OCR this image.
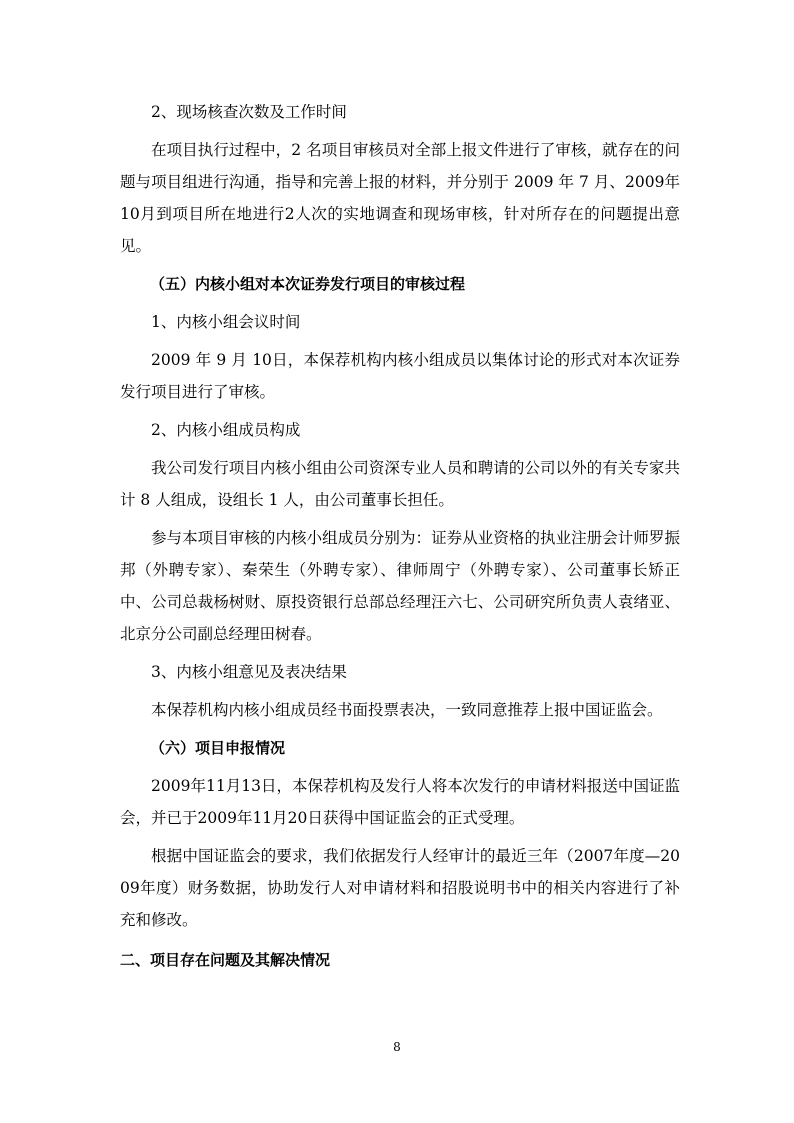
2、现场核查次数及工作时间

在项目执行过程中，2 名项目审核员对全部上报文件进行了审核，就存在的问题与项目组进行沟通，指导和完善上报的材料，并分别于 2009 年 7 月、2009年10月到项目所在地进行2人次的实地调查和现场审核，针对所存在的问题提出意见。

（五）内核小组对本次证券发行项目的审核过程

1、内核小组会议时间

2009 年 9 月 10日，本保荐机构内核小组成员以集体讨论的形式对本次证券发行项目进行了审核。

2、内核小组成员构成

我公司发行项目内核小组由公司资深专业人员和聘请的公司以外的有关专家共计 8 人组成，设组长 1 人，由公司董事长担任。

参与本项目审核的内核小组成员分别为：证券从业资格的执业注册会计师罗振邦（外聘专家）、秦荣生（外聘专家）、律师周宁（外聘专家）、公司董事长矫正中、公司总裁杨树财、原投资银行总部总经理汪六七、公司研究所负责人袁绪亚、北京分公司副总经理田树春。

3、内核小组意见及表决结果

本保荐机构内核小组成员经书面投票表决，一致同意推荐上报中国证监会。

（六）项目申报情况

2009年11月13日，本保荐机构及发行人将本次发行的申请材料报送中国证监会，并已于2009年11月20日获得中国证监会的正式受理。

根据中国证监会的要求，我们依据发行人经审计的最近三年（2007年度—2009年度）财务数据，协助发行人对申请材料和招股说明书中的相关内容进行了补充和修改。

二、项目存在问题及其解决情况

8
